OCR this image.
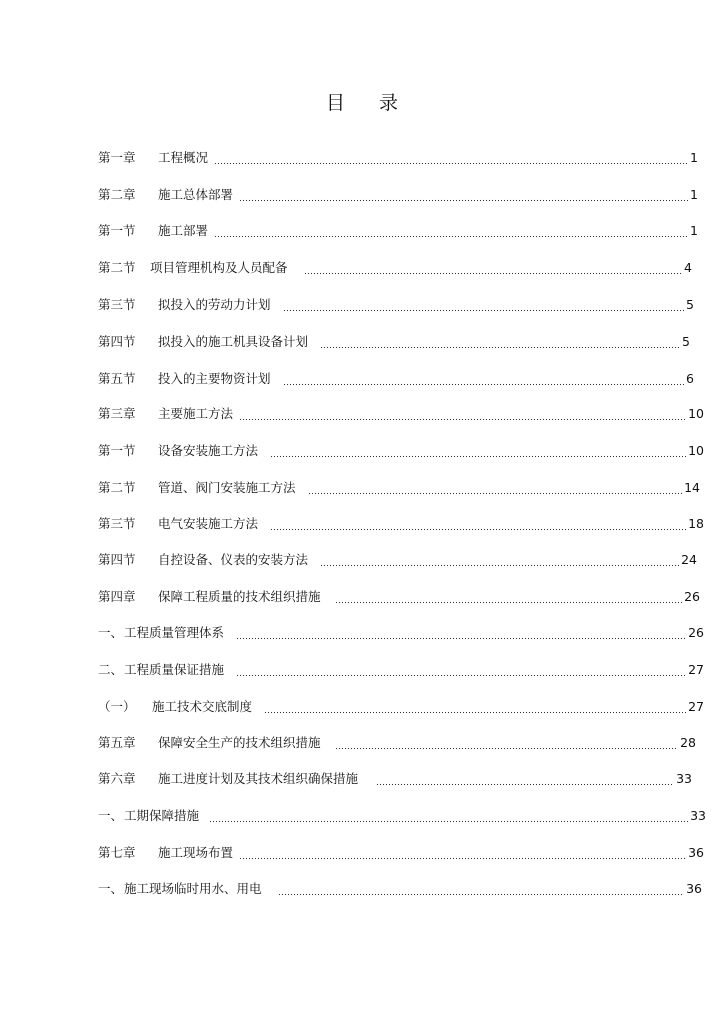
目 录
第一章	工程概况	1
第二章	施工总体部署	1
第一节	施工部署	1
第二节	项目管理机构及人员配备	4
第三节	拟投入的劳动力计划	5
第四节	拟投入的施工机具设备计划	5
第五节	投入的主要物资计划	6
第三章	主要施工方法	10
第一节	设备安装施工方法	10
第二节	管道、阀门安装施工方法	14
第三节	电气安装施工方法	18
第四节	自控设备、仪表的安装方法	24
第四章	保障工程质量的技术组织措施	26
一、 工程质量管理体系	26
二、 工程质量保证措施	27
（一）	施工技术交底制度	27
第五章	保障安全生产的技术组织措施	28
第六章	施工进度计划及其技术组织确保措施	33
一、 工期保障措施	33
第七章	施工现场布置	36
一、 施工现场临时用水、用电	36
